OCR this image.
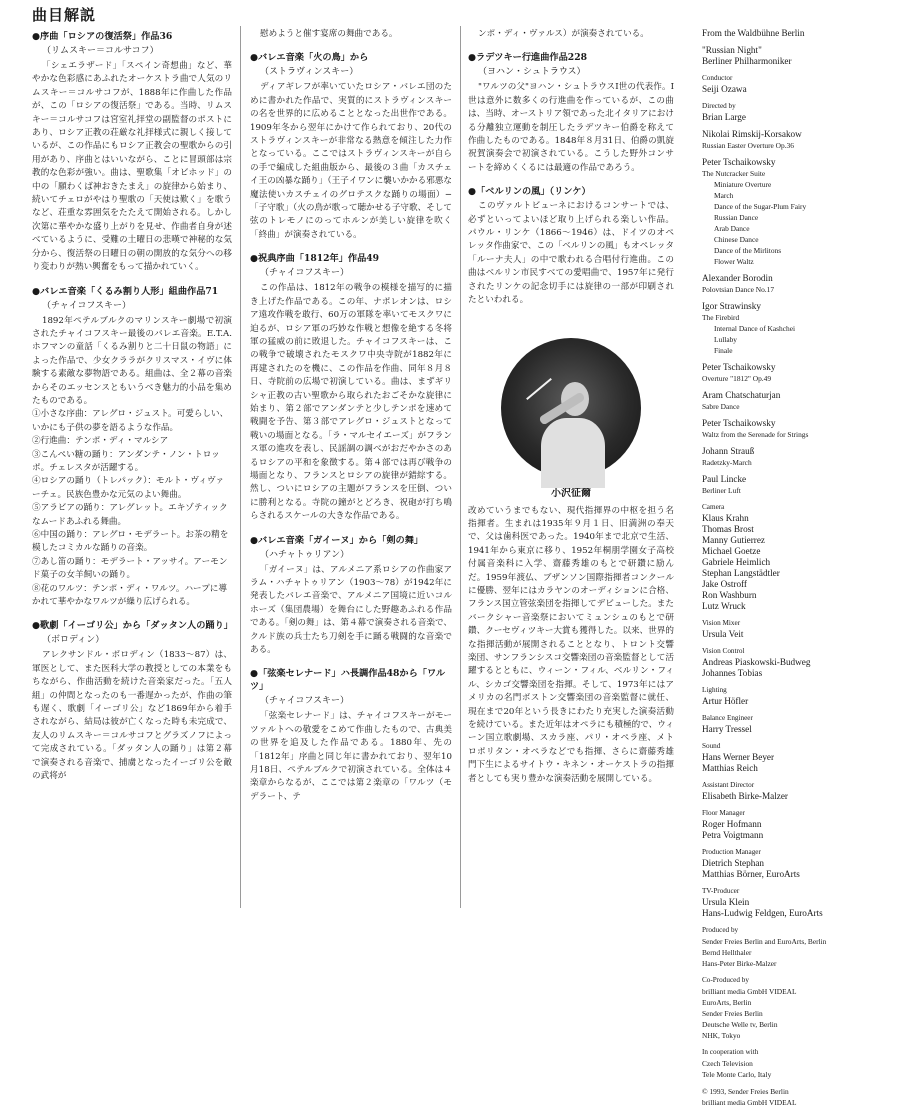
曲目解説
●序曲「ロシアの復活祭」作品36
（リムスキー＝コルサコフ）

「シェエラザード」「スペイン奇想曲」など、華やかな色彩感にあふれたオーケストラ曲で人気のリムスキー＝コルサコフが、1888年に作曲した作品が、この「ロシアの復活祭」である。当時、リムスキー＝コルサコフは宮室礼拝堂の副監督のポストにあり、ロシア正教の荘厳な礼拝様式に親しく接しているが、この作品にもロシア正教会の聖歌からの引用があり、序曲とはいいながら、ことに冒頭部は宗教的な色彩が強い。曲は、聖歌集「オビホッド」の中の「願わくば神おきたまえ」の旋律から始まり、続いてチェロがやはり聖歌の「天使は歎く」を歌うなど、荘重な雰囲気をたたえて開始される。しかし次第に華やかな盛り上がりを見せ、作曲者自身が述べているように、受難の土曜日の悲嘆で神秘的な気分から、復活祭の日曜日の朝の開放的な気分への移り変わりが熱い興奮をもって描かれていく。

●バレエ音楽「くるみ割り人形」組曲作品71
（チャイコフスキー）

1892年ペテルブルクのマリンスキー劇場で初演されたチャイコフスキー最後のバレエ音楽。E.T.A.ホフマンの童話「くるみ割りと二十日鼠の物語」によった作品で、少女クララがクリスマス・イヴに体験する素敵な夢物語である。組曲は、全２幕の音楽からそのエッセンスともいうべき魅力的小品を集めたものである。

①小さな序曲：アレグロ・ジュスト。可愛らしい、いかにも子供の夢を語るような作品。

②行進曲：テンポ・ディ・マルシア

③こんぺい糖の踊り：アンダンテ・ノン・トロッポ。チェレスタが活躍する。

④ロシアの踊り（トレパック）：モルト・ヴィヴァーチェ。民族色豊かな元気のよい舞曲。

⑤アラビアの踊り：アレグレット。エキゾティックなムードあふれる舞曲。

⑥中国の踊り：アレグロ・モデラート。お茶の精を模したコミカルな踊りの音楽。

⑦あし笛の踊り：モデラート・アッサイ。アーモンド菓子の女羊飼いの踊り。

⑧花のワルツ：テンポ・ディ・ワルツ。ハープに導かれて華やかなワルツが繰り広げられる。

●歌劇「イーゴリ公」から「ダッタン人の踊り」
（ボロディン）

アレクサンドル・ボロディン（1833〜87）は、軍医として、また医科大学の教授としての本業をもちながら、作曲活動を続けた音楽家だった。「五人組」の仲間となったのも一番遅かったが、作曲の筆も遅く、歌劇「イーゴリ公」など1869年から着手されながら、結局は彼が亡くなった時も未完成で、友人のリムスキー＝コルサコフとグラズノフによって完成されている。「ダッタン人の踊り」は第２幕で演奏される音楽で、捕虜となったイーゴリ公を敵の武将が

慰めようと催す宴席の舞曲である。

●バレエ音楽「火の鳥」から
（ストラヴィンスキー）

ディアギレフが率いていたロシア・バレエ団のために書かれた作品で、実質的にストラヴィンスキーの名を世界的に広めることとなった出世作である。1909年冬から翌年にかけて作られており、20代のストラヴィンスキーが非常なる熱意を傾注した力作となっている。ここではストラヴィンスキーが自らの手で編成した組曲版から、最後の３曲「カスチェイ王の凶暴な踊り」（王子イワンに襲いかかる邪悪な魔法使いカスチェイのグロテスクな踊りの場面）−「子守歌」（火の鳥が歌って聴かせる子守歌、そして弦のトレモノにのってホルンが美しい旋律を吹く「終曲」が演奏されている。

●祝典序曲「1812年」作品49
（チャイコフスキー）

この作品は、1812年の戦争の模様を描写的に描き上げた作品である。この年、ナポレオンは、ロシア遠攻作戦を敢行、60万の軍隊を率いてモスクワに迫るが、ロシア軍の巧妙な作戦と想像を絶する冬将軍の猛威の前に敗退した。チャイコフスキーは、この戦争で破壊されたモスクワ中央寺院が1882年に再建されたのを機に、この作品を作曲、同年８月８日、寺院前の広場で初演している。曲は、まずギリシャ正教の古い聖歌から取られたおごそかな旋律に始まり、第２部でアンダンテと少しテンポを速めて戦闘を予告、第３部でアレグロ・ジュストとなって戦いの場面となる。「ラ・マルセイエーズ」がフランス軍の進攻を表し、民謡調の調べがおだやかさのあるロシアの平和を象徴する。第４部では再び戦争の場面となり、フランスとロシアの旋律が錯綜する。然し、ついにロシアの主題がフランスを圧倒、ついに勝利となる。寺院の鐘がとどろき、祝砲が打ち鳴らされるスケールの大きな作品である。

●バレエ音楽「ガイーヌ」から「剣の舞」
（ハチャトゥリアン）

「ガイーヌ」は、アルメニア系ロシアの作曲家アラム・ハチャトゥリアン（1903〜78）が1942年に発表したバレエ音楽で、アルメニア国境に近いコルホーズ（集団農場）を舞台にした野趣あふれる作品である。「剣の舞」は、第４幕で演奏される音楽で、クルド族の兵士たち刀剣を手に踊る戦闘的な音楽である。

●「弦楽セレナード」ハ長調作品48から「ワルツ」
（チャイコフスキー）

「弦楽セレナード」は、チャイコフスキーがモーツァルトへの敬愛をこめて作曲したもので、古典美の世界を追及した作品である。1880年、先の「1812年」序曲と同じ年に書かれており、翌年10月18日、ペテルブルクで初演されている。全体は４楽章からなるが、ここでは第２楽章の「ワルツ（モデラート、テ

ンポ・ディ・ヴァルス）が演奏されている。

●ラデツキー行進曲作品228
（ヨハン・シュトラウス）

"ワルツの父"ヨハン・シュトラウスⅠ世の代表作。Ⅰ世は意外に数多くの行進曲を作っているが、この曲は、当時、オーストリア領であった北イタリアにおける分離独立運動を制圧したラデツキー伯爵を称えて作曲したものである。1848年８月31日、伯爵の凱旋祝賀演奏会で初演されている。こうした野外コンサートを締めくくるには最適の作品であろう。

●「ベルリンの風」（リンケ）

このヴァルトビューネにおけるコンサートでは、必ずといってよいほど取り上げられる楽しい作品。パウル・リンケ（1866〜1946）は、ドイツのオペレッタ作曲家で、この「ベルリンの風」もオペレッタ「ルーナ夫人」の中で歌われる合唱付行進曲。この曲はベルリン市民すべての愛唱曲で、1957年に発行されたリンケの記念切手には旋律の一部が印刷されたといわれる。

小沢征爾

改めていうまでもない、現代指揮界の中枢を担う名指揮者。生まれは1935年９月１日、旧満洲の奉天で、父は歯科医であった。1940年まで北京で生活、1941年から東京に移り、1952年桐朋学園女子高校付属音楽科に入学、齋藤秀雄のもとで研鑽に励んだ。1959年渡仏、ブザンソン国際指揮者コンクールに優勝、翌年にはカラヤンのオーディションに合格、フランス国立管弦楽団を指揮してデビューした。またバークシャー音楽祭においてミュンシュのもとで研鑽、クーセヴィツキー大賞も獲得した。以来、世界的な指揮活動が展開されることとなり、トロント交響楽団、サンフランシスコ交響楽団の音楽監督として活躍するとともに、ウィーン・フィル、ベルリン・フィル、シカゴ交響楽団を指揮。そして、1973年にはアメリカの名門ボストン交響楽団の音楽監督に就任、現在まで20年という長きにわたり充実した演奏活動を続けている。また近年はオペラにも積極的で、ウィーン国立歌劇場、スカラ座、パリ・オペラ座、メトロポリタン・オペラなどでも指揮、さらに齋藤秀雄門下生によるサイトウ・キネン・オーケストラの指揮者としても実り豊かな演奏活動を展開している。

From the Waldbühne Berlin
"Russian Night"
Berliner Philharmoniker
Conductor
Seiji Ozawa
Directed by
Brian Large
Nikolai Rimskij-Korsakow
Russian Easter Overture Op.36
Peter Tschaikowsky
The Nutcracker Suite
Miniature Overture
March
Dance of the Sugar-Plum Fairy
Russian Dance
Arab Dance
Chinese Dance
Dance of the Mirlitons
Flower Waltz
Alexander Borodin
Polovtsian Dance No.17
Igor Strawinsky
The Firebird
Internal Dance of Kashchei
Lullaby
Finale
Peter Tschaikowsky
Overture "1812" Op.49
Aram Chatschaturjan
Sabre Dance
Peter Tschaikowsky
Waltz from the Serenade for Strings
Johann Strauß
Radetzky-March
Paul Lincke
Berliner Luft
Camera
Klaus Krahn
Thomas Brost
Manny Gutierrez
Michael Goetze
Gabriele Heimlich
Stephan Langstädtler
Jake Ostroff
Ron Washburn
Lutz Wruck
Vision Mixer
Ursula Veit
Vision Control
Andreas Piaskowski-Budweg
Johannes Tobias
Lighting
Artur Höfler
Balance Engineer
Harry Tressel
Sound
Hans Werner Beyer
Matthias Reich
Assistant Director
Elisabeth Birke-Malzer
Floor Manager
Roger Hofmann
Petra Voigtmann
Production Manager
Dietrich Stephan
Matthias Börner, EuroArts
TV-Producer
Ursula Klein
Hans-Ludwig Feldgen, EuroArts
Produced by
Sender Freies Berlin and EuroArts, Berlin
Bernd Hellthaler
Hans-Peter Birke-Malzer
Co-Produced by
brilliant media GmbH VIDEAL
EuroArts, Berlin
Sender Freies Berlin
Deutsche Welle tv, Berlin
NHK, Tokyo
In cooperation with
Czech Television
Tele Monte Carlo, Italy
© 1993, Sender Freies Berlin
brilliant media GmbH VIDEAL
